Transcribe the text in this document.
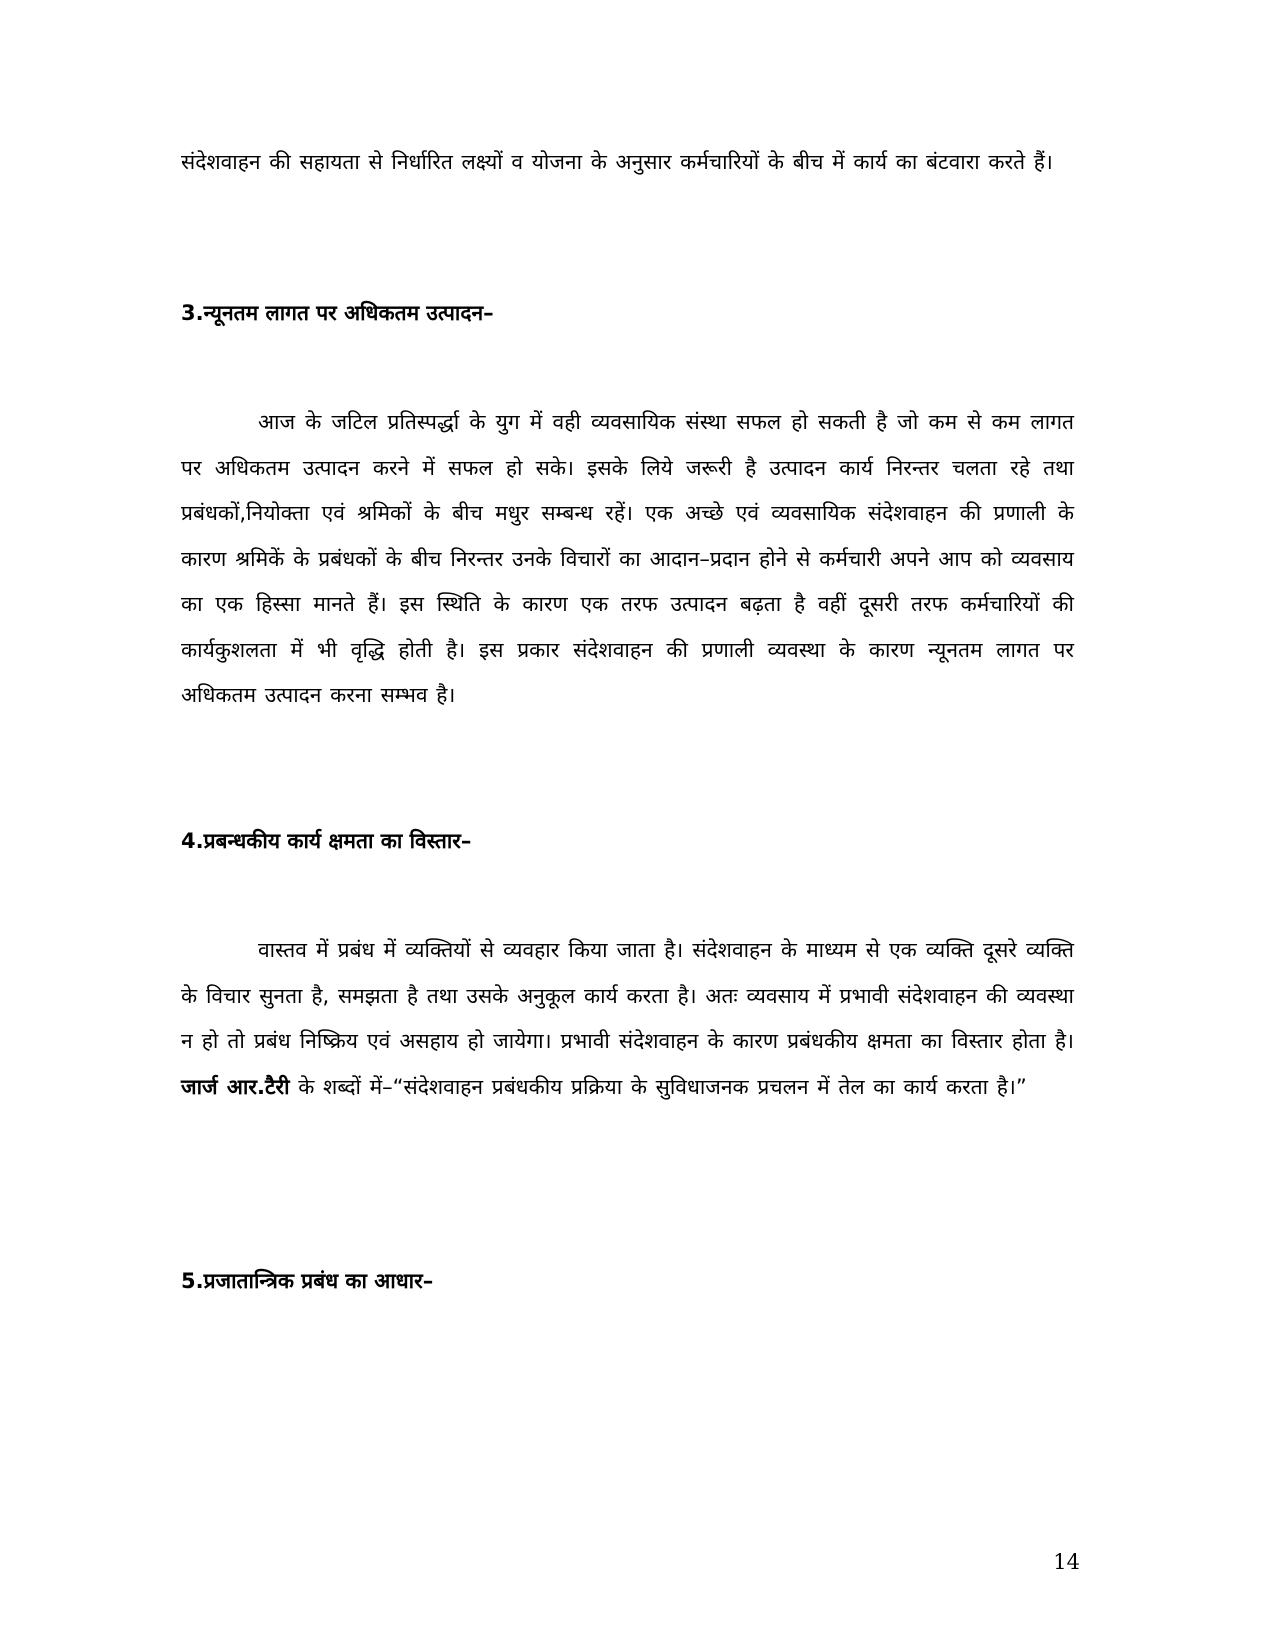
संदेशवाहन की सहायता से निर्धारित लक्ष्यों व योजना के अनुसार कर्मचारियों के बीच में कार्य का बंटवारा करते हैं।

3.न्यूनतम लागत पर अधिकतम उत्पादन–

आज के जटिल प्रतिस्पर्द्धा के युग में वही व्यवसायिक संस्था सफल हो सकती है जो कम से कम लागत पर अधिकतम उत्पादन करने में सफल हो सके। इसके लिये जरूरी है उत्पादन कार्य निरन्तर चलता रहे तथा प्रबंधकों,नियोक्ता एवं श्रमिकों के बीच मधुर सम्बन्ध रहें। एक अच्छे एवं व्यवसायिक संदेशवाहन की प्रणाली के कारण श्रमिकें के प्रबंधकों के बीच निरन्तर उनके विचारों का आदान–प्रदान होने से कर्मचारी अपने आप को व्यवसाय का एक हिस्सा मानते हैं। इस स्थिति के कारण एक तरफ उत्पादन बढ़ता है वहीं दूसरी तरफ कर्मचारियों की कार्यकुशलता में भी वृद्धि होती है। इस प्रकार संदेशवाहन की प्रणाली व्यवस्था के कारण न्यूनतम लागत पर अधिकतम उत्पादन करना सम्भव है।

4.प्रबन्धकीय कार्य क्षमता का विस्तार–

वास्तव में प्रबंध में व्यक्तियों से व्यवहार किया जाता है। संदेशवाहन के माध्यम से एक व्यक्ति दूसरे व्यक्ति के विचार सुनता है, समझता है तथा उसके अनुकूल कार्य करता है। अतः व्यवसाय में प्रभावी संदेशवाहन की व्यवस्था न हो तो प्रबंध निष्क्रिय एवं असहाय हो जायेगा। प्रभावी संदेशवाहन के कारण प्रबंधकीय क्षमता का विस्तार होता है।जार्ज आर.टैरी के शब्दों में–“संदेशवाहन प्रबंधकीय प्रक्रिया के सुविधाजनक प्रचलन में तेल का कार्य करता है।”

5.प्रजातान्त्रिक प्रबंध का आधार–
14
